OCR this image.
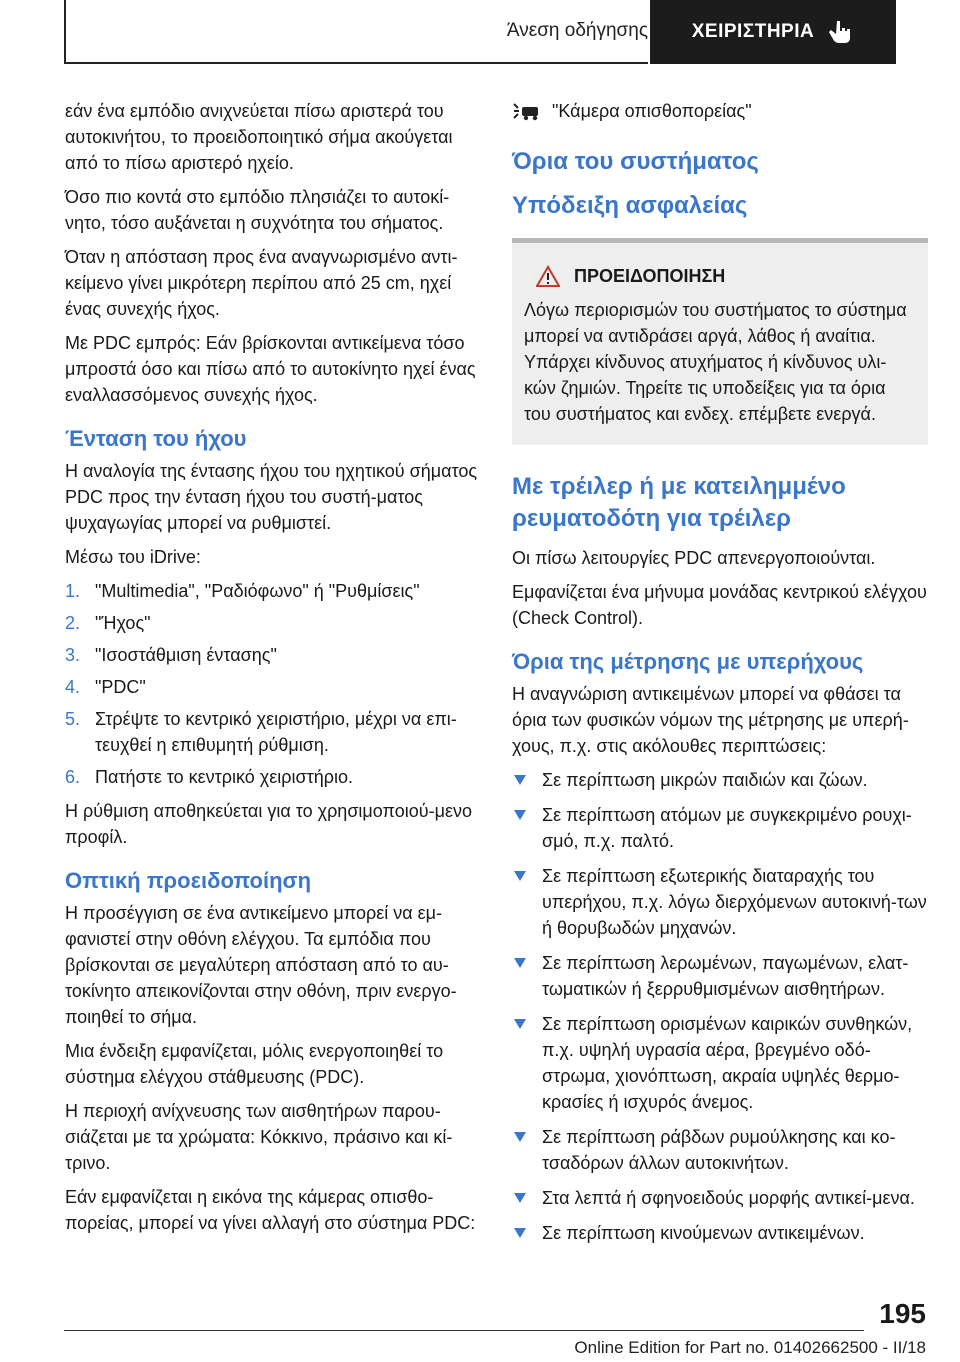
Άνεση οδήγησης ΧΕΙΡΙΣΤΗΡΙΑ

εάν ένα εμπόδιο ανιχνεύεται πίσω αριστερά του αυτοκινήτου, το προειδοποιητικό σήμα ακούγεται από το πίσω αριστερό ηχείο.

Όσο πιο κοντά στο εμπόδιο πλησιάζει το αυτοκί-νητο, τόσο αυξάνεται η συχνότητα του σήματος.

Όταν η απόσταση προς ένα αναγνωρισμένο αντι-κείμενο γίνει μικρότερη περίπου από 25 cm, ηχεί ένας συνεχής ήχος.

Με PDC εμπρός: Εάν βρίσκονται αντικείμενα τόσο μπροστά όσο και πίσω από το αυτοκίνητο ηχεί ένας εναλλασσόμενος συνεχής ήχος.

Ένταση του ήχου

Η αναλογία της έντασης ήχου του ηχητικού σήματος PDC προς την ένταση ήχου του συστή-ματος ψυχαγωγίας μπορεί να ρυθμιστεί.

Μέσω του iDrive:

1. "Multimedia", "Ραδιόφωνο" ή "Ρυθμίσεις"
2. "Ήχος"
3. "Ισοστάθμιση έντασης"
4. "PDC"
5. Στρέψτε το κεντρικό χειριστήριο, μέχρι να επι-τευχθεί η επιθυμητή ρύθμιση.
6. Πατήστε το κεντρικό χειριστήριο.

Η ρύθμιση αποθηκεύεται για το χρησιμοποιού-μενο προφίλ.

Οπτική προειδοποίηση

Η προσέγγιση σε ένα αντικείμενο μπορεί να εμ-φανιστεί στην οθόνη ελέγχου. Τα εμπόδια που βρίσκονται σε μεγαλύτερη απόσταση από το αυ-τοκίνητο απεικονίζονται στην οθόνη, πριν ενεργο-ποιηθεί το σήμα.

Μια ένδειξη εμφανίζεται, μόλις ενεργοποιηθεί το σύστημα ελέγχου στάθμευσης (PDC).

Η περιοχή ανίχνευσης των αισθητήρων παρου-σιάζεται με τα χρώματα: Κόκκινο, πράσινο και κί-τρινο.

Εάν εμφανίζεται η εικόνα της κάμερας οπισθο-πορείας, μπορεί να γίνει αλλαγή στο σύστημα PDC:

"Κάμερα οπισθοπορείας"
Όρια του συστήματος
Υπόδειξη ασφαλείας
ΠΡΟΕΙΔΟΠΟΙΗΣΗ

Λόγω περιορισμών του συστήματος το σύστημα μπορεί να αντιδράσει αργά, λάθος ή αναίτια. Υπάρχει κίνδυνος ατυχήματος ή κίνδυνος υλι-κών ζημιών. Τηρείτε τις υποδείξεις για τα όρια του συστήματος και ενδεχ. επέμβετε ενεργά.

Με τρέιλερ ή με κατειλημμένο ρευματοδότη για τρέιλερ

Οι πίσω λειτουργίες PDC απενεργοποιούνται.

Εμφανίζεται ένα μήνυμα μονάδας κεντρικού ελέγχου (Check Control).

Όρια της μέτρησης με υπερήχους

Η αναγνώριση αντικειμένων μπορεί να φθάσει τα όρια των φυσικών νόμων της μέτρησης με υπερή-χους, π.χ. στις ακόλουθες περιπτώσεις:

Σε περίπτωση μικρών παιδιών και ζώων.
Σε περίπτωση ατόμων με συγκεκριμένο ρουχι-σμό, π.χ. παλτό.
Σε περίπτωση εξωτερικής διαταραχής του υπερήχου, π.χ. λόγω διερχόμενων αυτοκινή-των ή θορυβωδών μηχανών.
Σε περίπτωση λερωμένων, παγωμένων, ελατ-τωματικών ή ξερρυθμισμένων αισθητήρων.
Σε περίπτωση ορισμένων καιρικών συνθηκών, π.χ. υψηλή υγρασία αέρα, βρεγμένο οδό-στρωμα, χιονόπτωση, ακραία υψηλές θερμο-κρασίες ή ισχυρός άνεμος.
Σε περίπτωση ράβδων ρυμούλκησης και κο-τσαδόρων άλλων αυτοκινήτων.
Στα λεπτά ή σφηνοειδούς μορφής αντικεί-μενα.
Σε περίπτωση κινούμενων αντικειμένων.
195
Online Edition for Part no. 01402662500 - II/18
